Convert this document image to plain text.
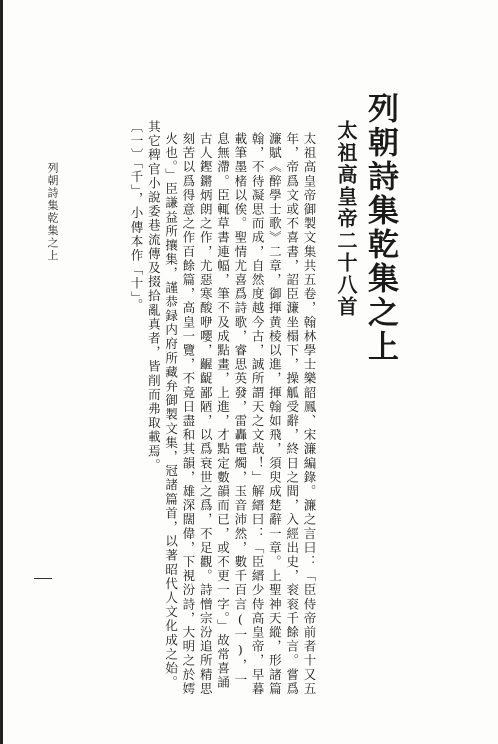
列朝詩集乾集之上
太祖高皇帝二十八首

太祖高皇帝御製文集共五卷，翰林學士樂韶鳳、宋濂編錄。濂之言曰：「臣侍帝前者十又五年，帝爲文或不喜書，詔臣濂坐榻下，操觚受辭，終日之間，入經出史，衮衮千餘言。嘗爲濂賦《醉學士歌》二章，御揮黄棱以進，揮翰如飛，須臾成楚辭一章。上聖神天縱，形諸篇翰，不待凝思而成，自然度越今古，誠所謂天之文哉！」解縉曰：「臣縉少侍高皇帝，早暮載筆墨楮以俟。聖情尤喜爲詩歌，睿思英發，雷轟電燭，玉音沛然，數千百言(一)，一息無滯。臣輒草書連幅，筆不及成點畫，上進，才點定數韻而已，或不更一字。」故常喜誦古人鏗鏘炳朗之作，尤惡寒酸咿嚶，齷齪鄙陋，以爲衰世之爲，不足觀。詩憎宗汾追所精思刻苦以爲得意之作百餘篇，高皇一覽，不竟日盡和其韻，雄深闊偉，下視汾詩，大明之於嫮火也。」臣謙益所攘集，謹恭録内府所藏弁御製文集，冠諸篇首，以著昭代人文化成之始。

其它稗官小說委巷流傳及掇拾亂真者，皆削而弗取載焉。

〔一〕「千」，小傳本作「十」。

列朝詩集乾集之上
